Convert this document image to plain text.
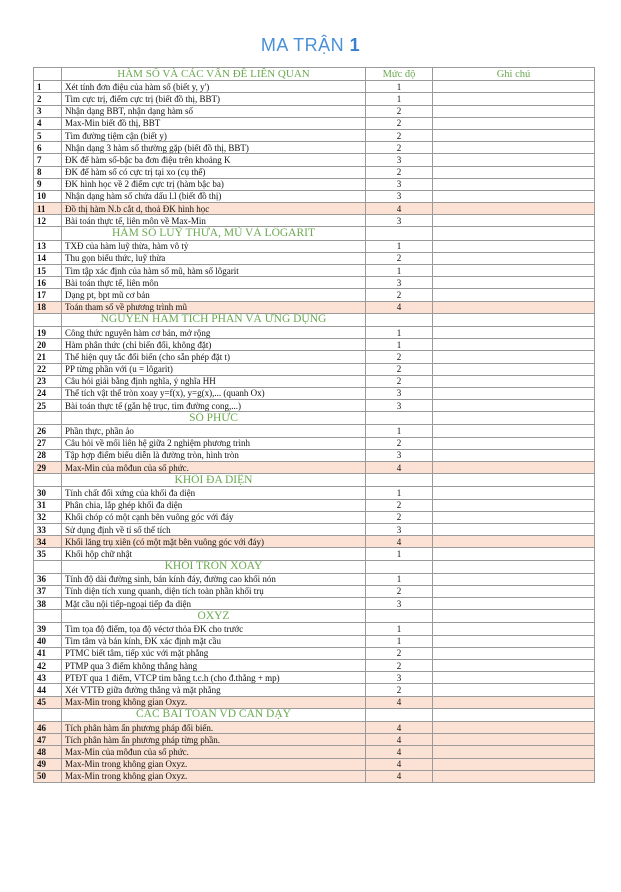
MA TRẬN 1
	HÀM SỐ VÀ CÁC VẤN ĐỀ LIÊN QUAN	Mức độ	Ghi chú
1	Xét tính đơn điệu của hàm số (biết y, y')	1	
2	Tìm cực trị, điểm cực trị (biết đồ thị, BBT)	1	
3	Nhận dạng BBT, nhận dạng hàm số	2	
4	Max-Min biết đồ thị, BBT	2	
5	Tìm đường tiệm cận (biết y)	2	
6	Nhận dạng 3 hàm số thường gặp (biết đồ thị, BBT)	2	
7	ĐK để hàm số-bậc ba đơn điệu trên khoảng K	3	
8	ĐK để hàm số có cực trị tại xo (cụ thể)	2	
9	ĐK hình học về 2 điểm cực trị (hàm bậc ba)	3	
10	Nhận dạng hàm số chứa dấu l.l (biết đồ thị)	3	
11	Đồ thị hàm N.b cắt d, thoả ĐK hình học	4	
12	Bài toán thực tế, liên môn về Max-Min	3	
	HÀM SỐ LUỸ THỪA, MŨ VÀ LÔGARIT		
13	TXĐ của hàm luỹ thừa, hàm vô tỷ	1	
14	Thu gọn biểu thức, luỹ thừa	2	
15	Tìm tập xác định của hàm số mũ, hàm số lôgarit	1	
16	Bài toán thực tế, liên môn	3	
17	Dạng pt, bpt mũ cơ bản	2	
18	Toán tham số về phương trình mũ	4	
	NGUYÊN HÀM TÍCH PHÂN VÀ ỨNG DỤNG		
19	Công thức nguyên hàm cơ bản, mở rộng	1	
20	Hàm phân thức (chỉ biến đổi, không đặt)	1	
21	Thể hiện quy tắc đổi biến (cho sẵn phép đặt t)	2	
22	PP từng phần với (u = lôgarit)	2	
23	Câu hỏi giải bằng định nghĩa, ý nghĩa HH	2	
24	Thể tích vật thể tròn xoay y=f(x), y=g(x),... (quanh Ox)	3	
25	Bài toán thực tế (gắn hệ trục, tìm đường cong,...)	3	
	SỐ PHỨC		
26	Phần thực, phần ảo	1	
27	Câu hỏi về mối liên hệ giữa 2 nghiệm phương trình	2	
28	Tập hợp điểm biểu diễn là đường tròn, hình tròn	3	
29	Max-Min của môđun của số phức.	4	
	KHỐI ĐA DIỆN		
30	Tính chất đối xứng của khối đa diện	1	
31	Phân chia, lắp ghép khối đa diện	2	
32	Khối chóp có một cạnh bên vuông góc với đáy	2	
33	Sử dụng định về tỉ số thể tích	3	
34	Khối lăng trụ xiên (có một mặt bên vuông góc với đáy)	4	
35	Khối hộp chữ nhật	1	
	KHỐI TRÒN XOAY		
36	Tính độ dài đường sinh, bán kính đáy, đường cao khối nón	1	
37	Tính diện tích xung quanh, diện tích toàn phần khối trụ	2	
38	Mặt cầu nội tiếp-ngoại tiếp đa diện	3	
	OXYZ		
39	Tìm tọa độ điểm, tọa độ véctơ thỏa ĐK cho trước	1	
40	Tìm tâm và bán kính, ĐK xác định mặt cầu	1	
41	PTMC biết tâm, tiếp xúc với mặt phẳng	2	
42	PTMP qua 3 điểm không thẳng hàng	2	
43	PTĐT qua 1 điểm, VTCP tìm bằng t.c.h (cho đ.thẳng + mp)	3	
44	Xét VTTĐ giữa đường thẳng và mặt phẳng	2	
45	Max-Min trong không gian Oxyz.	4	
	CÁC BÀI TOÁN VD CẦN DẠY		
46	Tích phân hàm ẩn phương pháp đổi biến.	4	
47	Tích phân hàm ẩn phương pháp từng phần.	4	
48	Max-Min của môđun của số phức.	4	
49	Max-Min trong không gian Oxyz.	4	
50	Max-Min trong không gian Oxyz.	4	
